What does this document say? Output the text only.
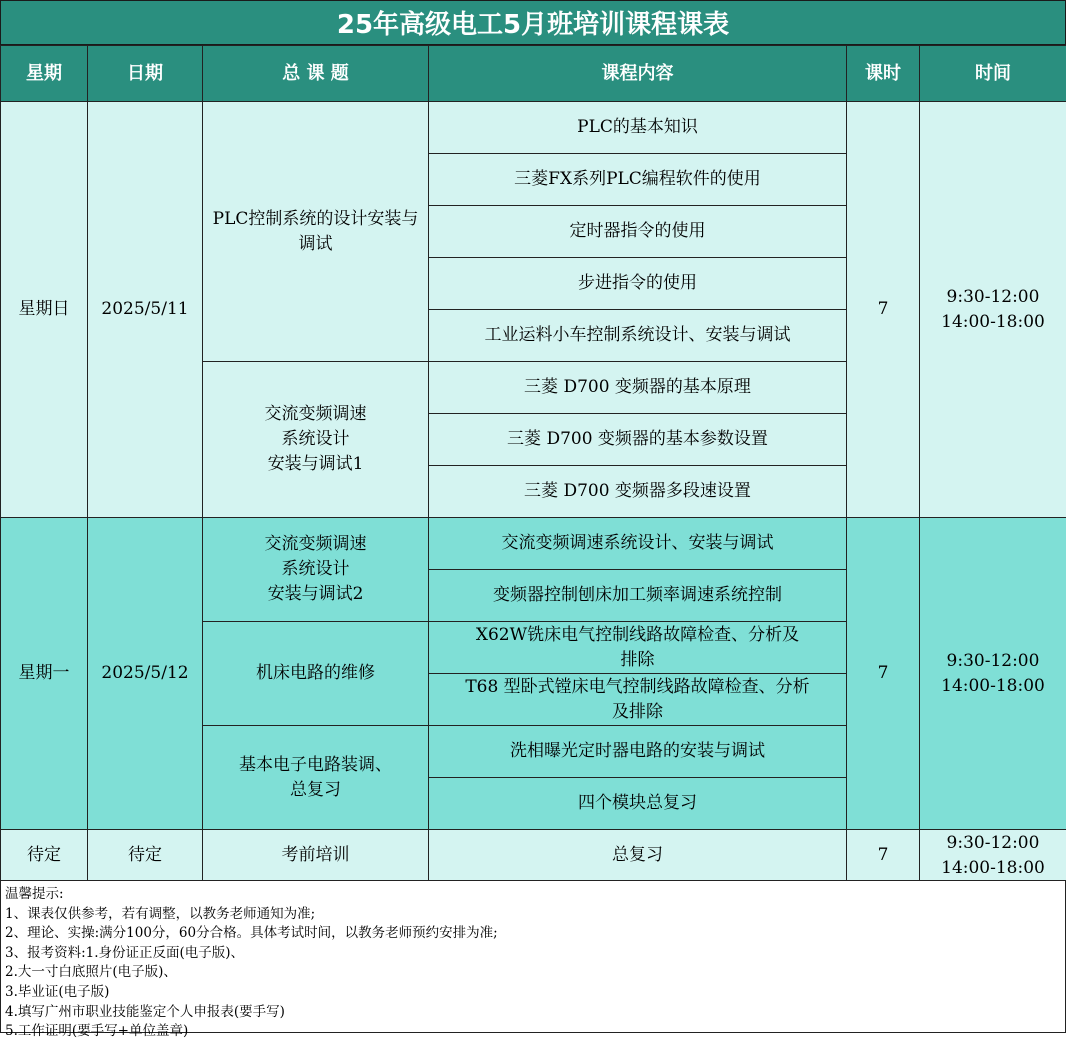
25年高级电工5月班培训课程课表
星期	日期	总 课 题	课程内容	课时	时间
星期日	2025/5/11	PLC控制系统的设计安装与调试	PLC的基本知识	7	9:30-12:00
14:00-18:00

			三菱FX系列PLC编程软件的使用		
			定时器指令的使用		
			步进指令的使用		
			工业运料小车控制系统设计、安装与调试		
		交流变频调速
系统设计
安装与调试1	三菱 D700 变频器的基本原理		
			三菱 D700 变频器的基本参数设置		
			三菱 D700 变频器多段速设置		
星期一	2025/5/12	交流变频调速
系统设计
安装与调试2	交流变频调速系统设计、安装与调试	7	9:30-12:00
14:00-18:00

			变频器控制刨床加工频率调速系统控制		
		机床电路的维修	X62W铣床电气控制线路故障检查、分析及排除		
			T68 型卧式镗床电气控制线路故障检查、分析及排除		
		基本电子电路装调、总复习	洗相曝光定时器电路的安装与调试		
			四个模块总复习		
待定	待定	考前培训	总复习	7	9:30-12:00
14:00-18:00
温馨提示:
1、课表仅供参考，若有调整，以教务老师通知为准;
2、理论、实操:满分100分，60分合格。具体考试时间，以教务老师预约安排为准;
3、报考资料:1.身份证正反面(电子版)、
2.大一寸白底照片(电子版)、
3.毕业证(电子版)
4.填写广州市职业技能鉴定个人申报表(要手写)
5.工作证明(要手写+单位盖章)
